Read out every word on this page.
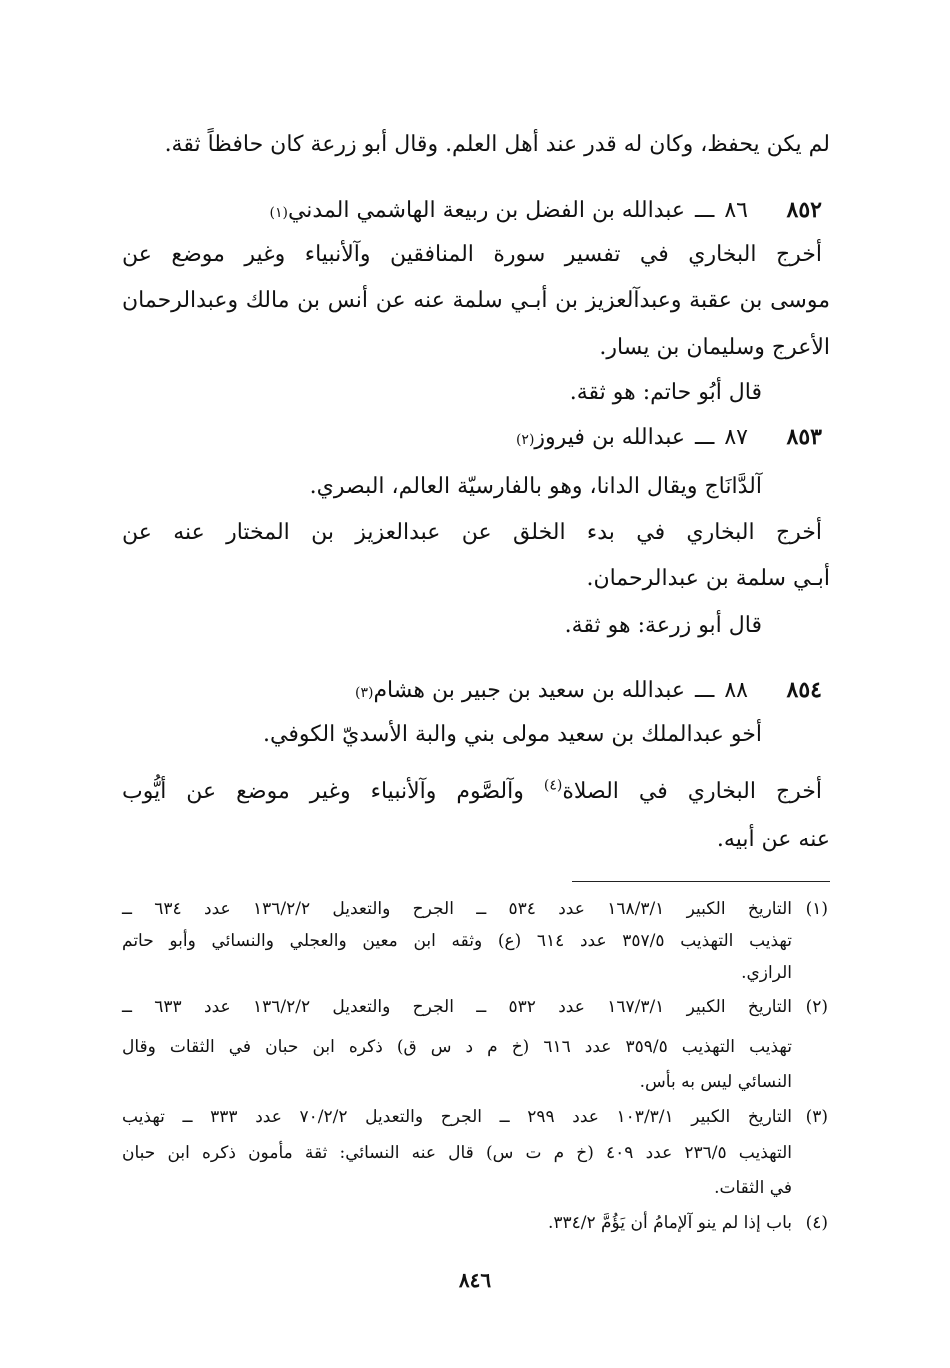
لم يكن يحفظ، وكان له قدر عند أهل العلم. وقال أبو زرعة كان حافظاً ثقة.
٨٥٢
٨٦
ـــ
عبدالله بن الفضل بن ربيعة الهاشمي المدني
(١)
أخرج البخاري في تفسير سورة المنافقين وآلأنبياء وغير موضع عن
موسى بن عقبة وعبدآلعزيز بن أبـي سلمة عنه عن أنس بن مالك وعبدالرحمان
الأعرج وسليمان بن يسار.
قال أبُو حاتم: هو ثقة.
٨٥٣
٨٧
ـــ
عبدالله بن فيروز
(٢)
آلدَّانَاج ويقال الدانا، وهو بالفارسيّة العالم، البصري.
أخرج البخاري في بدء الخلق عن عبدالعزيز بن المختار عنه عن
أبـي سلمة بن عبدالرحمان.
قال أبو زرعة: هو ثقة.
٨٥٤
٨٨
ـــ
عبدالله بن سعيد بن جبير بن هشام
(٣)
أخو عبدالملك بن سعيد مولى بني والبة الأسديّ الكوفي.
أخرج البخاري في الصلاة$^{(٤)}$ وآلصَّوم وآلأنبياء وغير موضع عن أيُّوب
عنه عن أبيه.
(١)التاريخ الكبير ١٦٨/٣/١ عدد ٥٣٤ ــ الجرح والتعديل ١٣٦/٢/٢ عدد ٦٣٤ ــ
تهذيب التهذيب ٣٥٧/٥ عدد ٦١٤ (ع) وثقه ابن معين والعجلي والنسائي وأبو حاتم
الرازي.
(٢)التاريخ الكبير ١٦٧/٣/١ عدد ٥٣٢ ــ الجرح والتعديل ١٣٦/٢/٢ عدد ٦٣٣ ــ
تهذيب التهذيب ٣٥٩/٥ عدد ٦١٦ (خ م د س ق) ذكره ابن حبان في الثقات وقال
النسائي ليس به بأس.
(٣)التاريخ الكبير ١٠٣/٣/١ عدد ٢٩٩ ــ الجرح والتعديل ٧٠/٢/٢ عدد ٣٣٣ ــ تهذيب
التهذيب ٢٣٦/٥ عدد ٤٠٩ (خ م ت س) قال عنه النسائي: ثقة مأمون ذكره ابن حبان
في الثقات.
(٤)باب إذا لم ينو آلإمامُ أن يَؤُمَّ ٣٣٤/٢.
٨٤٦
